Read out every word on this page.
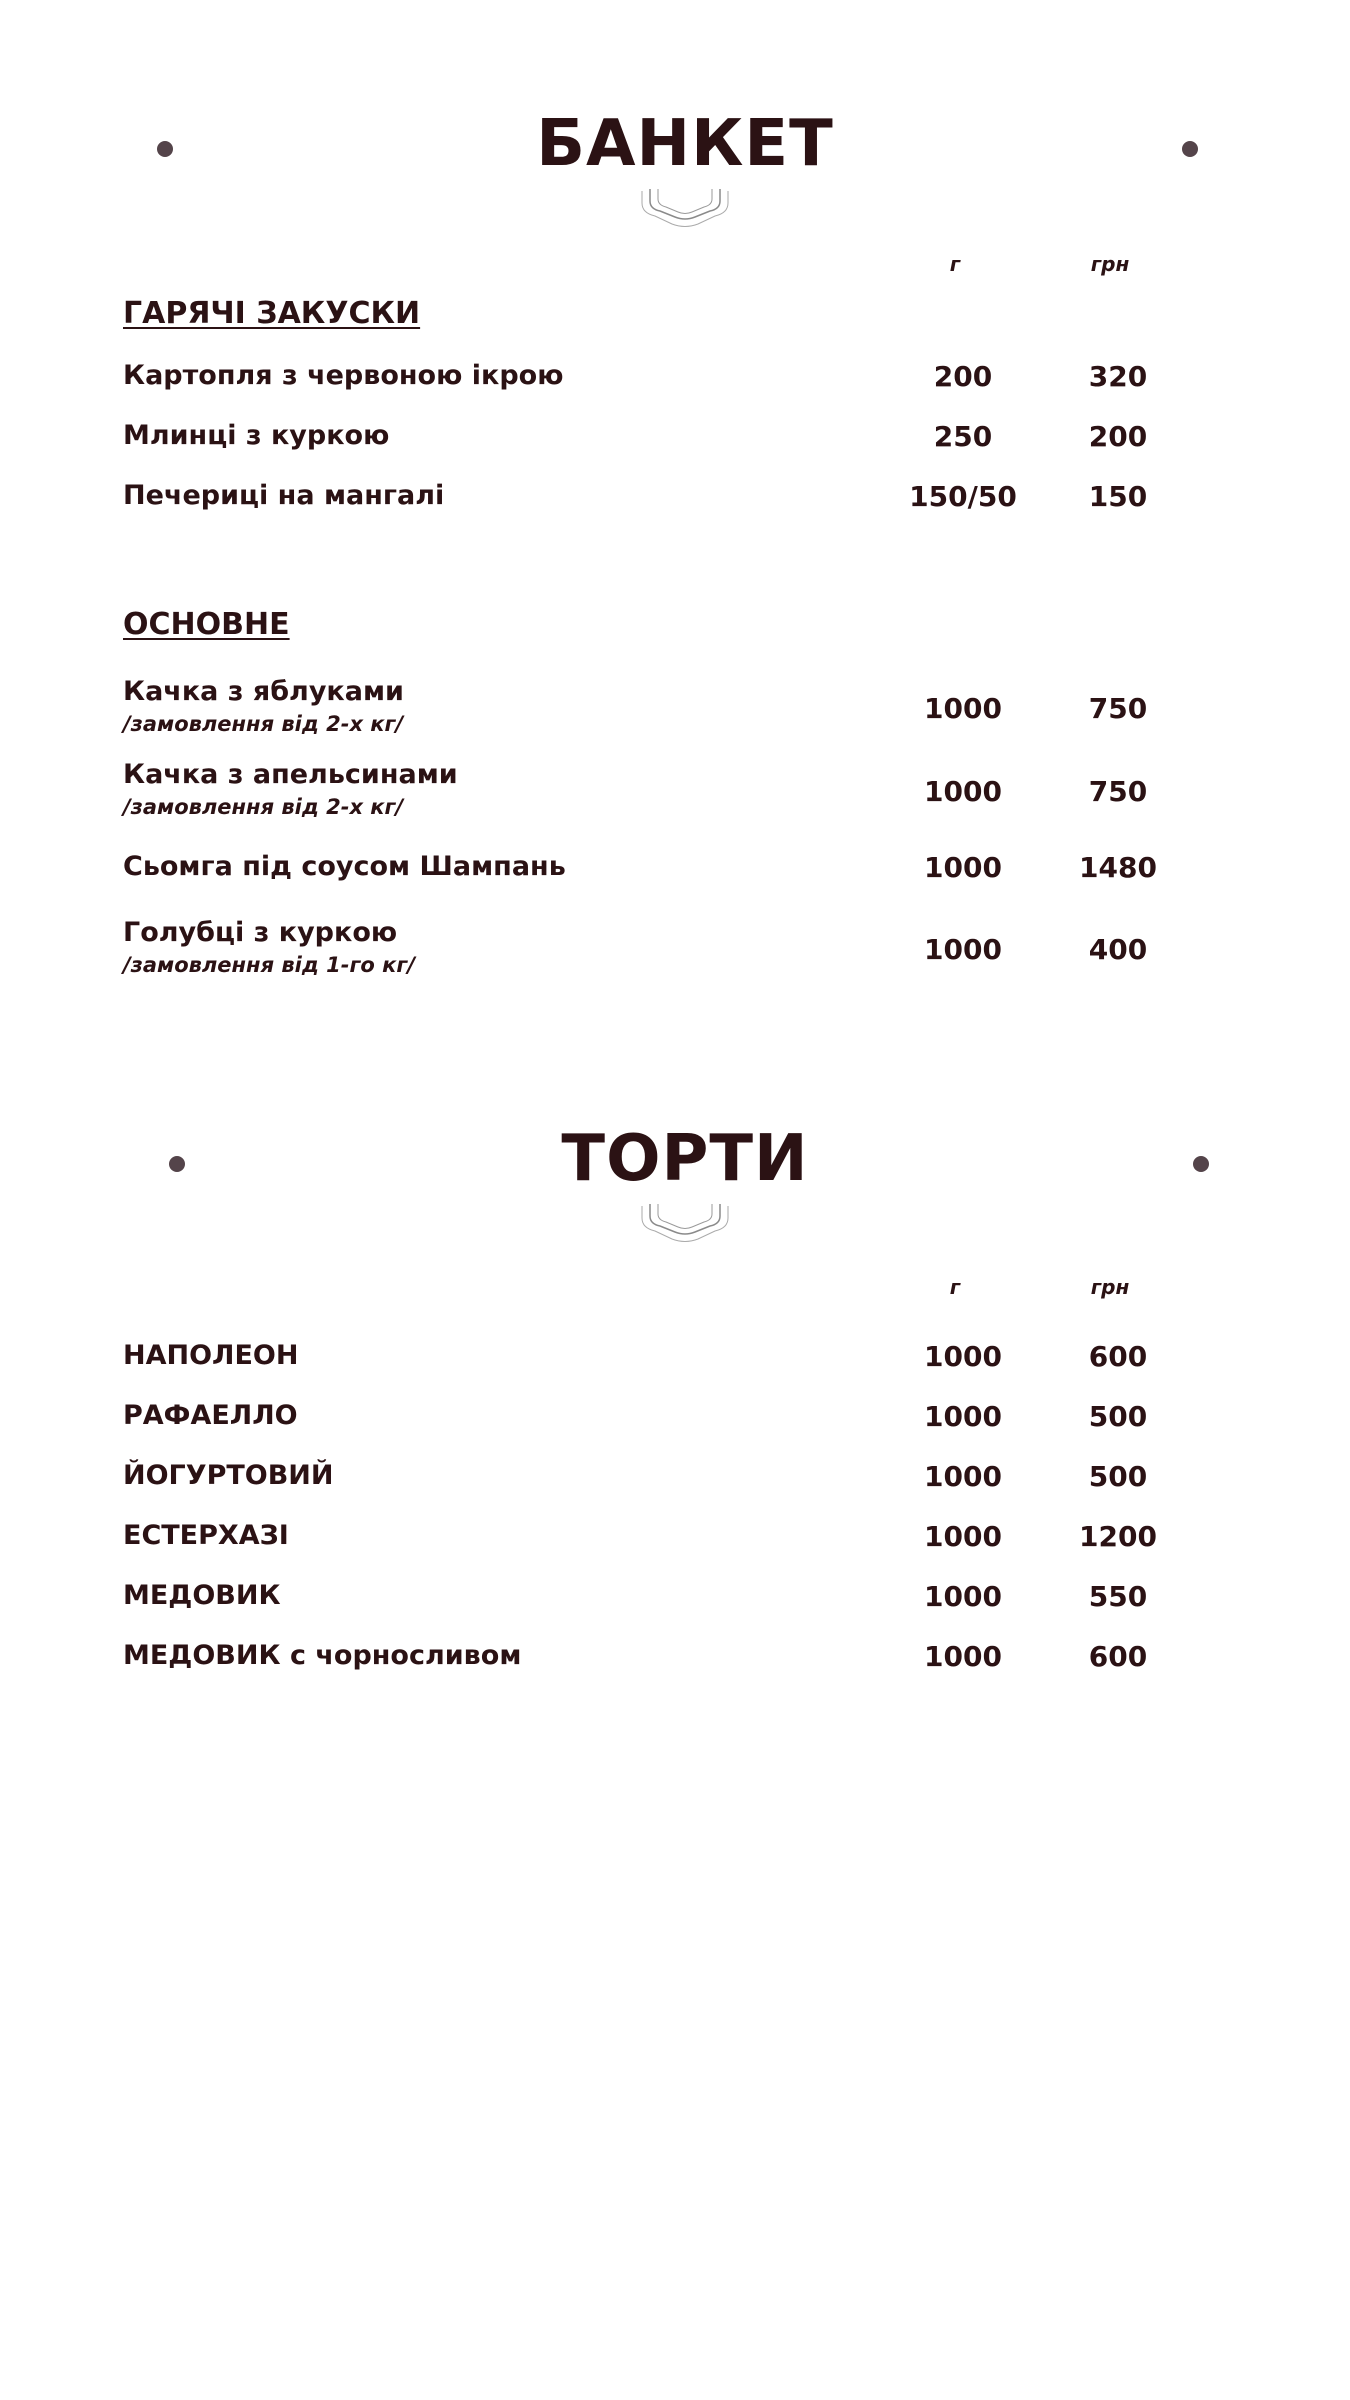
БАНКЕТ
г	грн
ГАРЯЧІ ЗАКУСКИ
Картопля з червоною ікрою	200	320
Млинці з куркою	250	200
Печериці на мангалі	150/50	150
ОСНОВНЕ
Качка з яблуками
/замовлення від 2-х кг/	1000	750
Качка з апельсинами
/замовлення від 2-х кг/	1000	750
Сьомга під соусом Шампань	1000	1480
Голубці з куркою
/замовлення від 1-го кг/	1000	400
ТОРТИ
г	грн
НАПОЛЕОН	1000	600
РАФАЕЛЛО	1000	500
ЙОГУРТОВИЙ	1000	500
ЕСТЕРХАЗІ	1000	1200
МЕДОВИК	1000	550
МЕДОВИК с чорносливом	1000	600
